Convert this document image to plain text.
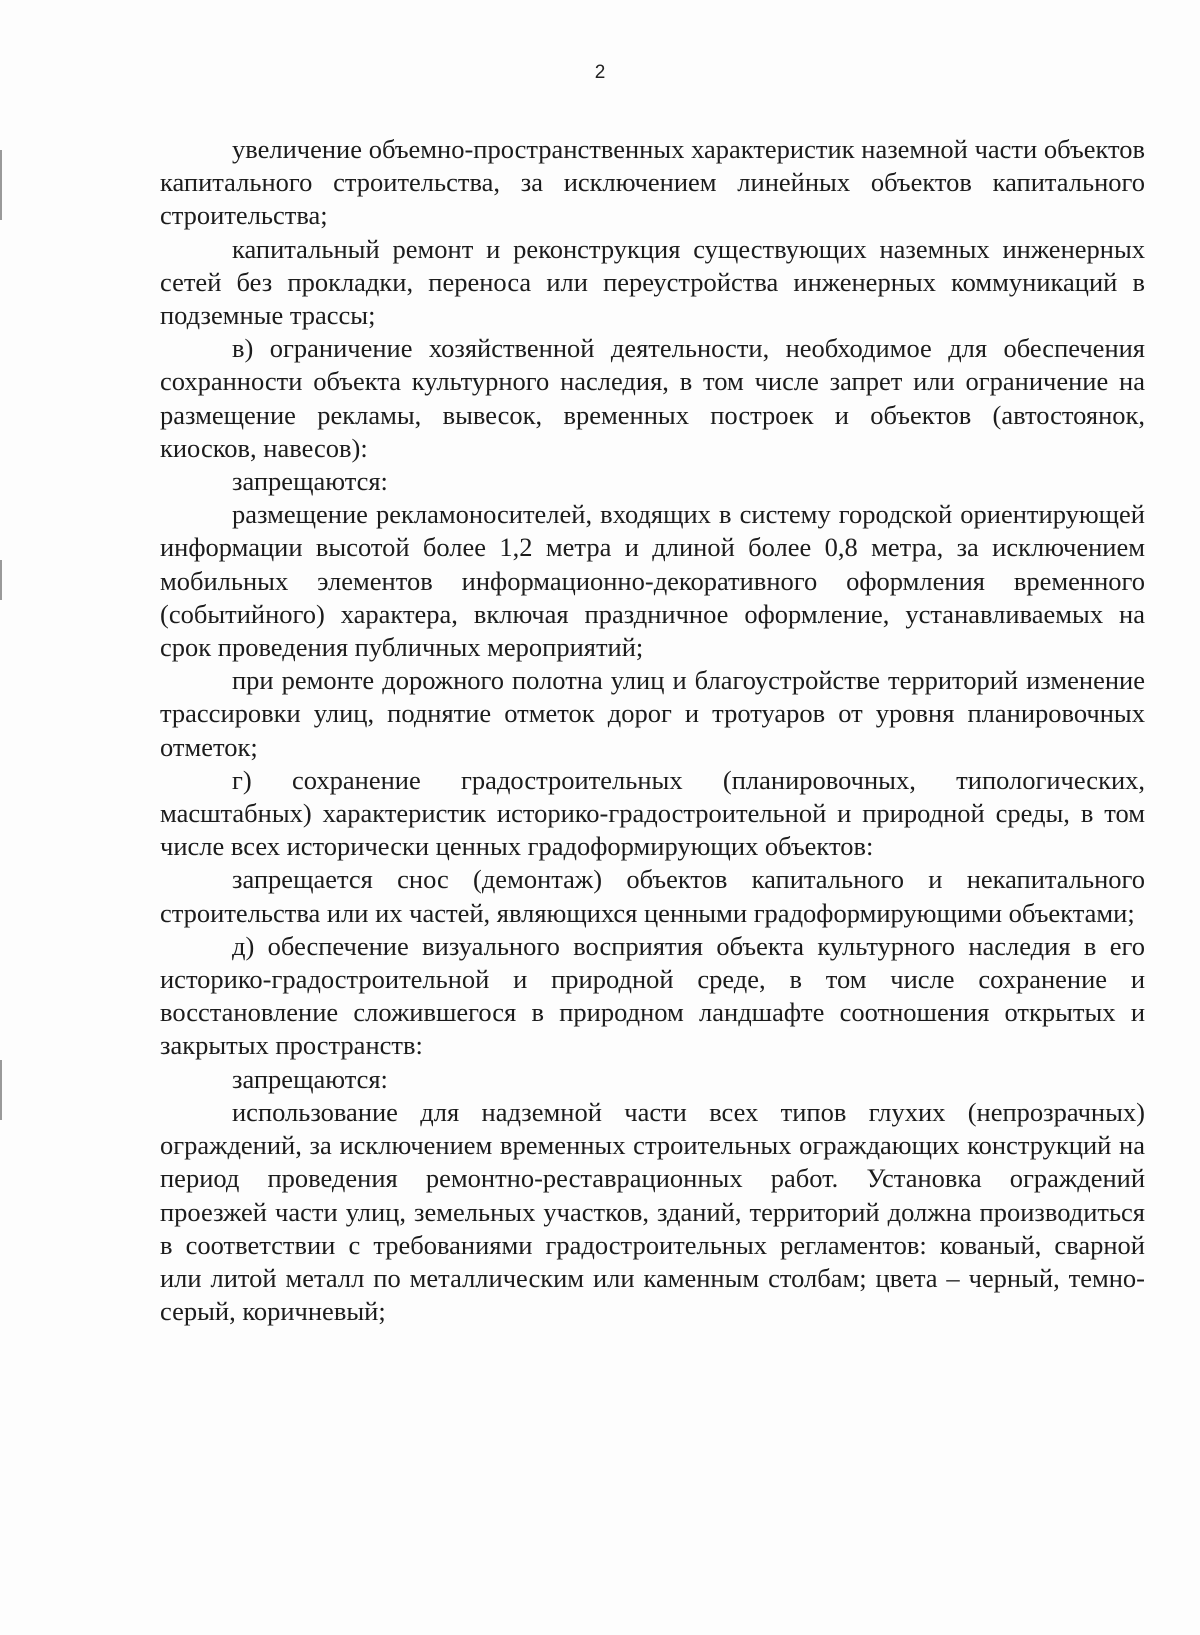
2

увеличение объемно-пространственных характеристик наземной части объектов капитального строительства, за исключением линейных объектов капитального строительства;

капитальный ремонт и реконструкция существующих наземных инженерных сетей без прокладки, переноса или переустройства инженерных коммуникаций в подземные трассы;

в) ограничение хозяйственной деятельности, необходимое для обеспечения сохранности объекта культурного наследия, в том числе запрет или ограничение на размещение рекламы, вывесок, временных построек и объектов (автостоянок, киосков, навесов):

запрещаются:

размещение рекламоносителей, входящих в систему городской ориентирующей информации высотой более 1,2 метра и длиной более 0,8 метра, за исключением мобильных элементов информационно-декоративного оформления временного (событийного) характера, включая праздничное оформление, устанавливаемых на срок проведения публичных мероприятий;

при ремонте дорожного полотна улиц и благоустройстве территорий изменение трассировки улиц, поднятие отметок дорог и тротуаров от уровня планировочных отметок;

г) сохранение градостроительных (планировочных, типологических, масштабных) характеристик историко-градостроительной и природной среды, в том числе всех исторически ценных градоформирующих объектов:

запрещается снос (демонтаж) объектов капитального и некапитального строительства или их частей, являющихся ценными градоформирующими объектами;

д) обеспечение визуального восприятия объекта культурного наследия в его историко-градостроительной и природной среде, в том числе сохранение и восстановление сложившегося в природном ландшафте соотношения открытых и закрытых пространств:

запрещаются:

использование для надземной части всех типов глухих (непрозрачных) ограждений, за исключением временных строительных ограждающих конструкций на период проведения ремонтно-реставрационных работ. Установка ограждений проезжей части улиц, земельных участков, зданий, территорий должна производиться в соответствии с требованиями градостроительных регламентов: кованый, сварной или литой металл по металлическим или каменным столбам; цвета – черный, темно-серый, коричневый;
